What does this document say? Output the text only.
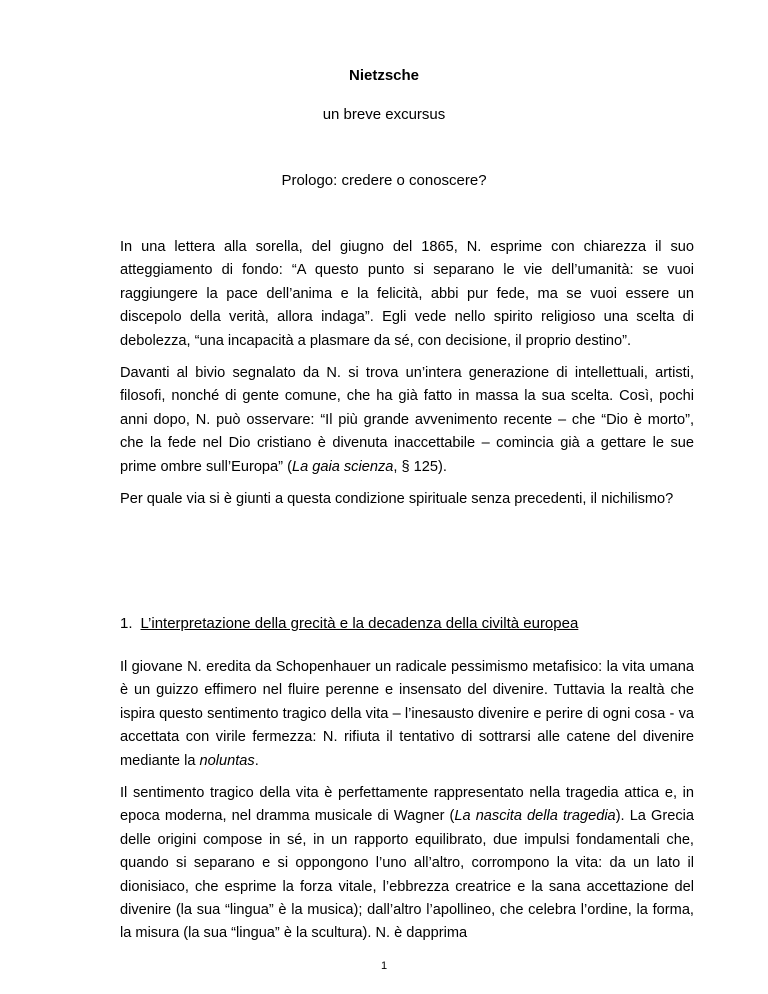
Nietzsche
un breve excursus
Prologo: credere o conoscere?

In una lettera alla sorella, del giugno del 1865, N. esprime con chiarezza il suo atteggiamento di fondo: “A questo punto si separano le vie dell’umanità: se vuoi raggiungere la pace dell’anima e la felicità, abbi pur fede, ma se vuoi essere un discepolo della verità, allora indaga”. Egli vede nello spirito religioso una scelta di debolezza, “una incapacità a plasmare da sé, con decisione, il proprio destino”.

Davanti al bivio segnalato da N. si trova un’intera generazione di intellettuali, artisti, filosofi, nonché di gente comune, che ha già fatto in massa la sua scelta. Così, pochi anni dopo, N. può osservare: “Il più grande avvenimento recente – che “Dio è morto”, che la fede nel Dio cristiano è divenuta inaccettabile – comincia già a gettare le sue prime ombre sull’Europa” (La gaia scienza, § 125).

Per quale via si è giunti a questa condizione spirituale senza precedenti, il nichilismo?

1. L’interpretazione della grecità e la decadenza della civiltà europea

Il giovane N. eredita da Schopenhauer un radicale pessimismo metafisico: la vita umana è un guizzo effimero nel fluire perenne e insensato del divenire. Tuttavia la realtà che ispira questo sentimento tragico della vita – l’inesausto divenire e perire di ogni cosa - va accettata con virile fermezza: N. rifiuta il tentativo di sottrarsi alle catene del divenire mediante la noluntas.

Il sentimento tragico della vita è perfettamente rappresentato nella tragedia attica e, in epoca moderna, nel dramma musicale di Wagner (La nascita della tragedia). La Grecia delle origini compose in sé, in un rapporto equilibrato, due impulsi fondamentali che, quando si separano e si oppongono l’uno all’altro, corrompono la vita: da un lato il dionisiaco, che esprime la forza vitale, l’ebbrezza creatrice e la sana accettazione del divenire (la sua “lingua” è la musica); dall’altro l’apollineo, che celebra l’ordine, la forma, la misura (la sua “lingua” è la scultura). N. è dapprima

1
